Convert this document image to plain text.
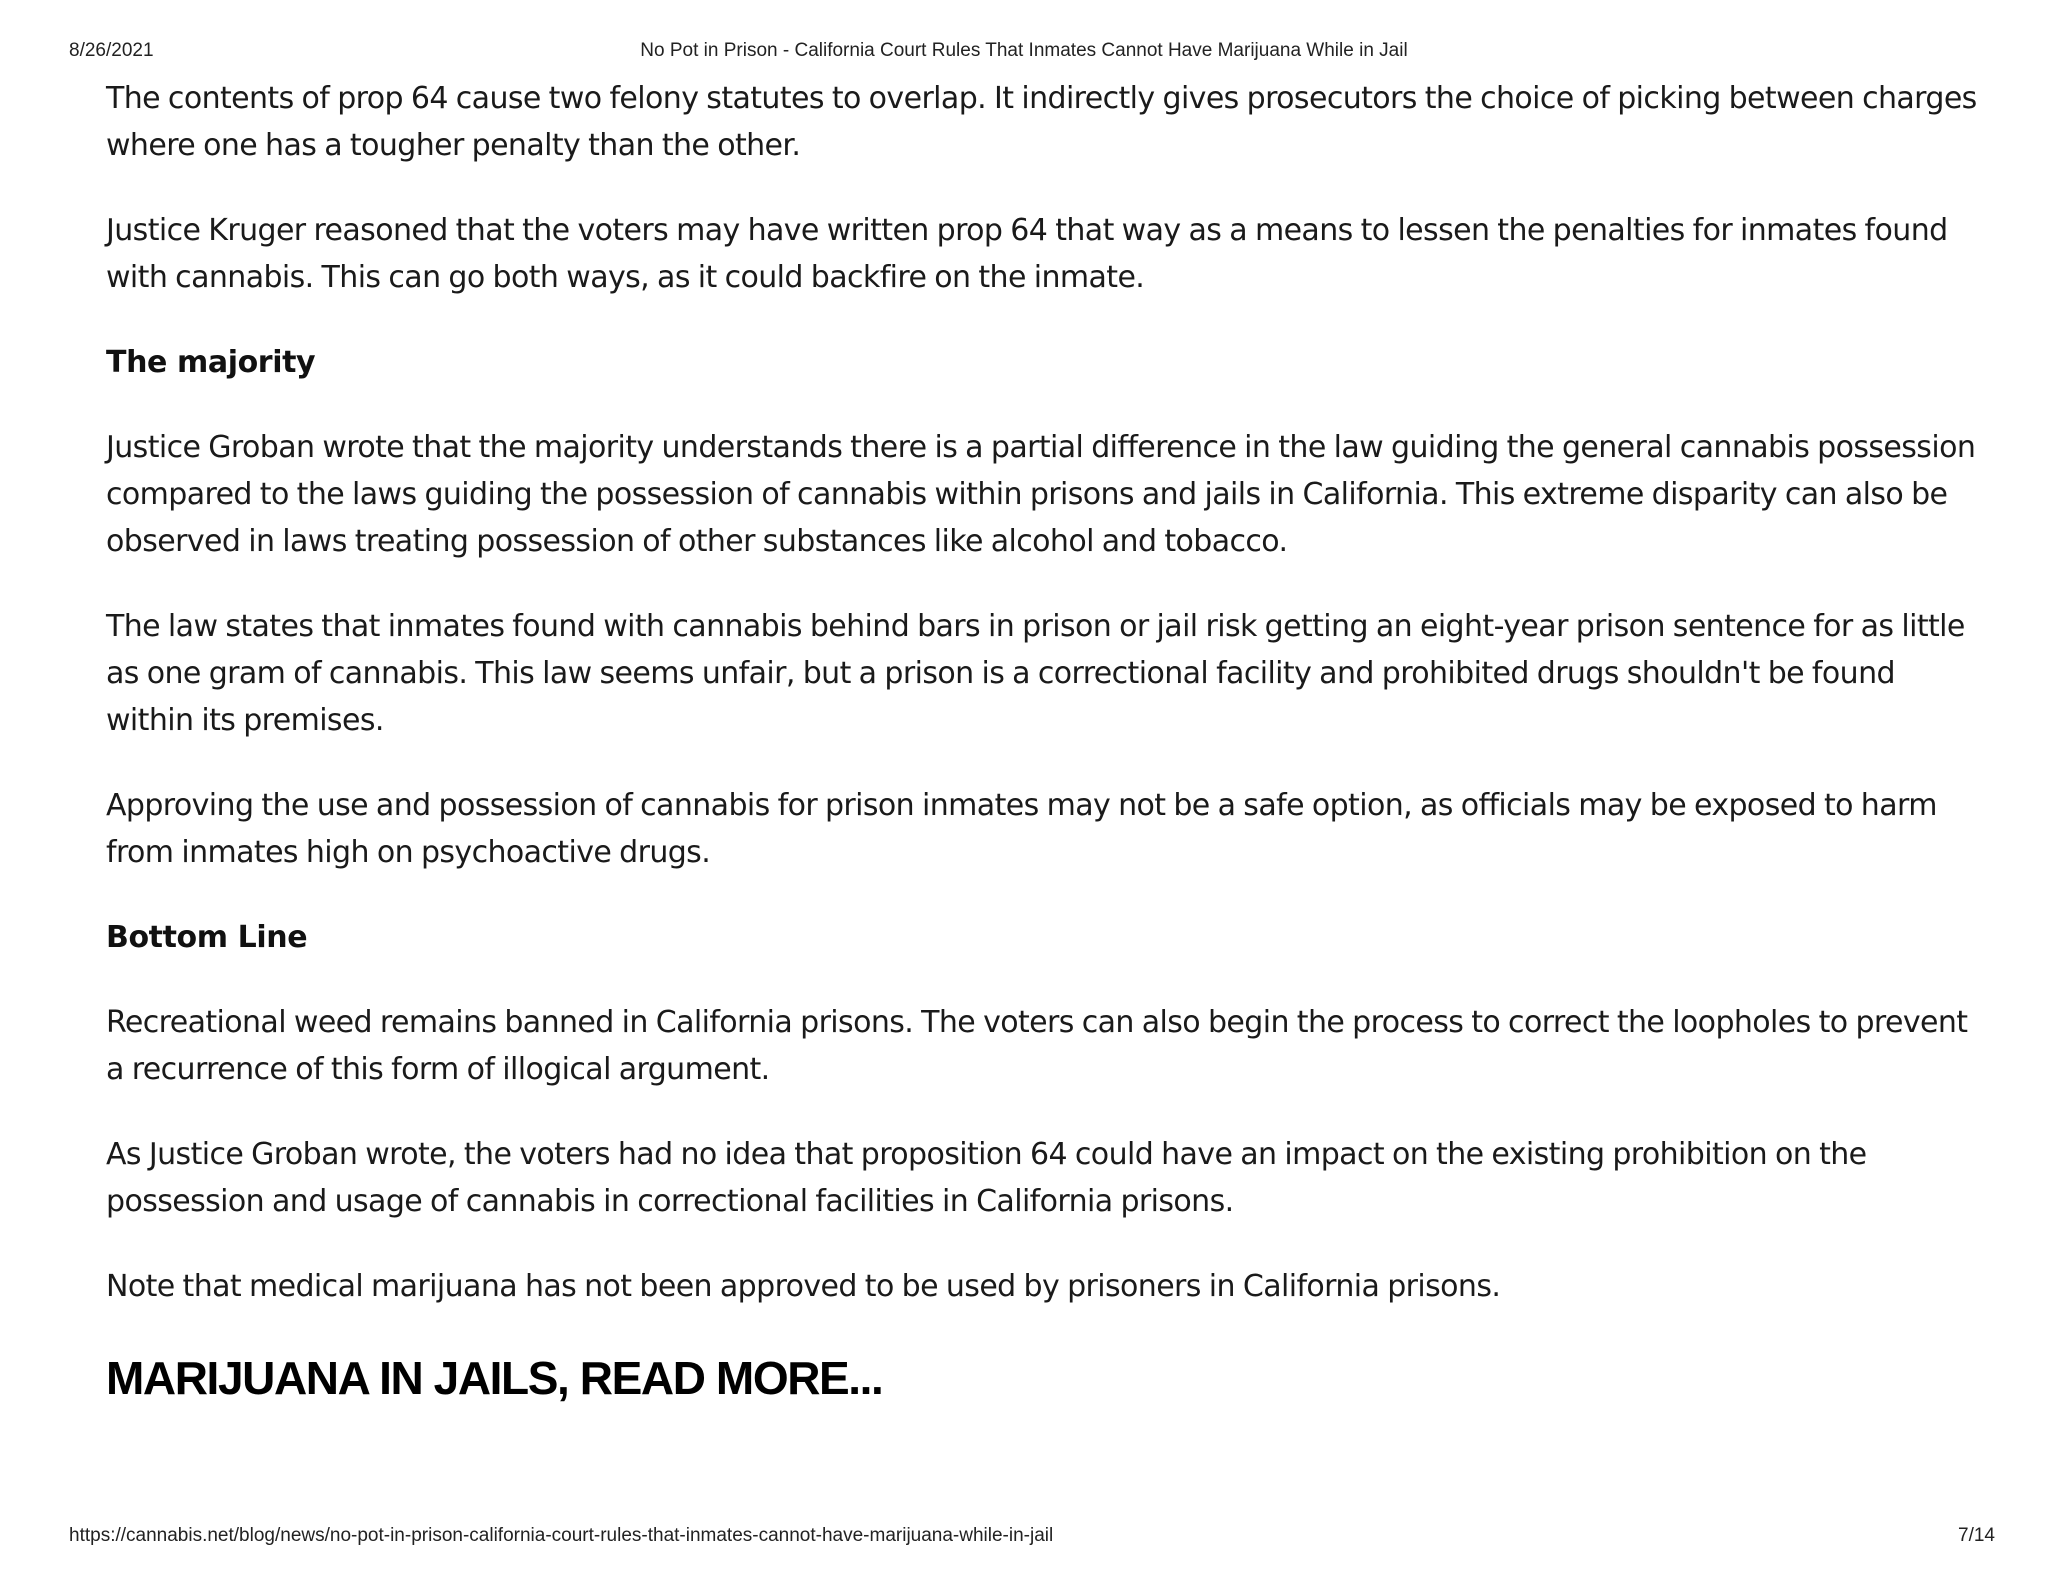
8/26/2021	No Pot in Prison - California Court Rules That Inmates Cannot Have Marijuana While in Jail

The contents of prop 64 cause two felony statutes to overlap. It indirectly gives prosecutors the choice of picking between charges where one has a tougher penalty than the other.

Justice Kruger reasoned that the voters may have written prop 64 that way as a means to lessen the penalties for inmates found with cannabis. This can go both ways, as it could backfire on the inmate.

The majority

Justice Groban wrote that the majority understands there is a partial difference in the law guiding the general cannabis possession compared to the laws guiding the possession of cannabis within prisons and jails in California. This extreme disparity can also be observed in laws treating possession of other substances like alcohol and tobacco.

The law states that inmates found with cannabis behind bars in prison or jail risk getting an eight-year prison sentence for as little as one gram of cannabis. This law seems unfair, but a prison is a correctional facility and prohibited drugs shouldn't be found within its premises.

Approving the use and possession of cannabis for prison inmates may not be a safe option, as officials may be exposed to harm from inmates high on psychoactive drugs.

Bottom Line

Recreational weed remains banned in California prisons. The voters can also begin the process to correct the loopholes to prevent a recurrence of this form of illogical argument.

As Justice Groban wrote, the voters had no idea that proposition 64 could have an impact on the existing prohibition on the possession and usage of cannabis in correctional facilities in California prisons.

Note that medical marijuana has not been approved to be used by prisoners in California prisons.

MARIJUANA IN JAILS, READ MORE...
https://cannabis.net/blog/news/no-pot-in-prison-california-court-rules-that-inmates-cannot-have-marijuana-while-in-jail	7/14
